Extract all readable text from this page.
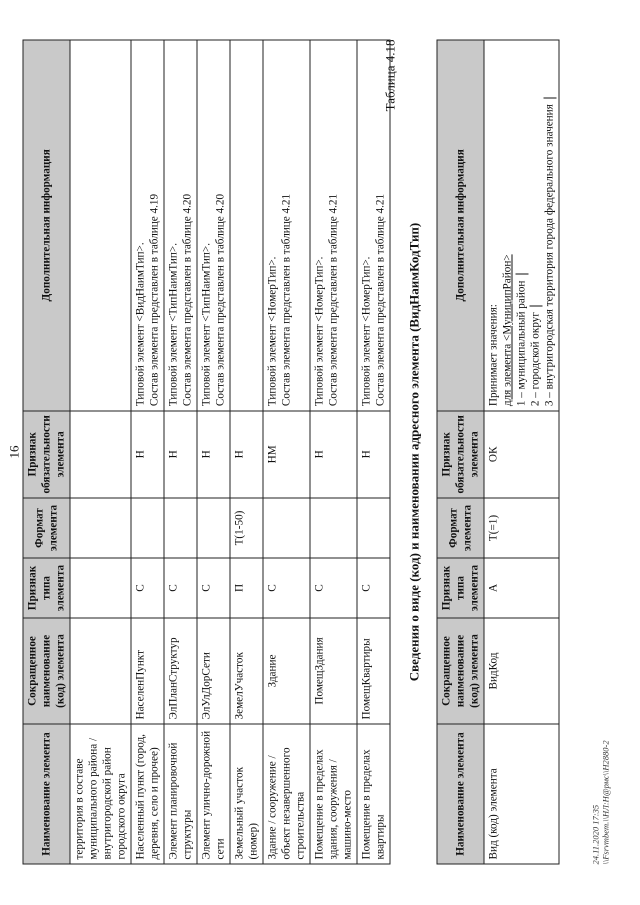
16
Наименование элемента	Сокращенное наименование (код) элемента	Признак типа элемента	Формат элемента	Признак обязательности элемента	Дополнительная информация
территория в составе муниципального района / внутригородской район городского округа					
Населенный пункт (город, деревня, село и прочее)	НаселенПункт	С		Н	Типовой элемент <ВидНаимТип>. Состав элемента представлен в таблице 4.19

Элемент планировочной структуры	ЭлПланСтруктур	С		Н	Типовой элемент <ТипНаимТип>. Состав элемента представлен в таблице 4.20

Элемент улично-дорожной сети	ЭлУлДорСети	С		Н	Типовой элемент <ТипНаимТип>. Состав элемента представлен в таблице 4.20

Земельный участок (номер)	ЗемелУчасток	П	T(1-50)	Н	
Здание / сооружение / объект незавершенного строительства	Здание	С		НМ	Типовой элемент <НомерТип>. Состав элемента представлен в таблице 4.21

Помещение в пределах здания, сооружения / машино-место	ПомещЗдания	С		Н	Типовой элемент <НомерТип>. Состав элемента представлен в таблице 4.21

Помещение в пределах квартиры	ПомещКвартиры	С		Н	Типовой элемент <НомерТип>. Состав элемента представлен в таблице 4.21
Таблица 4.18
Сведения о виде (код) и наименовании адресного элемента (ВидНаимКодТип)
Наименование элемента	Сокращенное наименование (код) элемента	Признак типа элемента	Формат элемента	Признак обязательности элемента	Дополнительная информация
Вид (код) элемента	ВидКод	А	T(=1)	ОК	Принимает значения: для элемента <МуниципРайон> 1 – муниципальный район 2 – городской округ 3 – внутригородская территория города федерального значения
24.11.2020 17:35 \\Fsrvmbem.\\НЛ:Н@рмс\\Н2880-2
